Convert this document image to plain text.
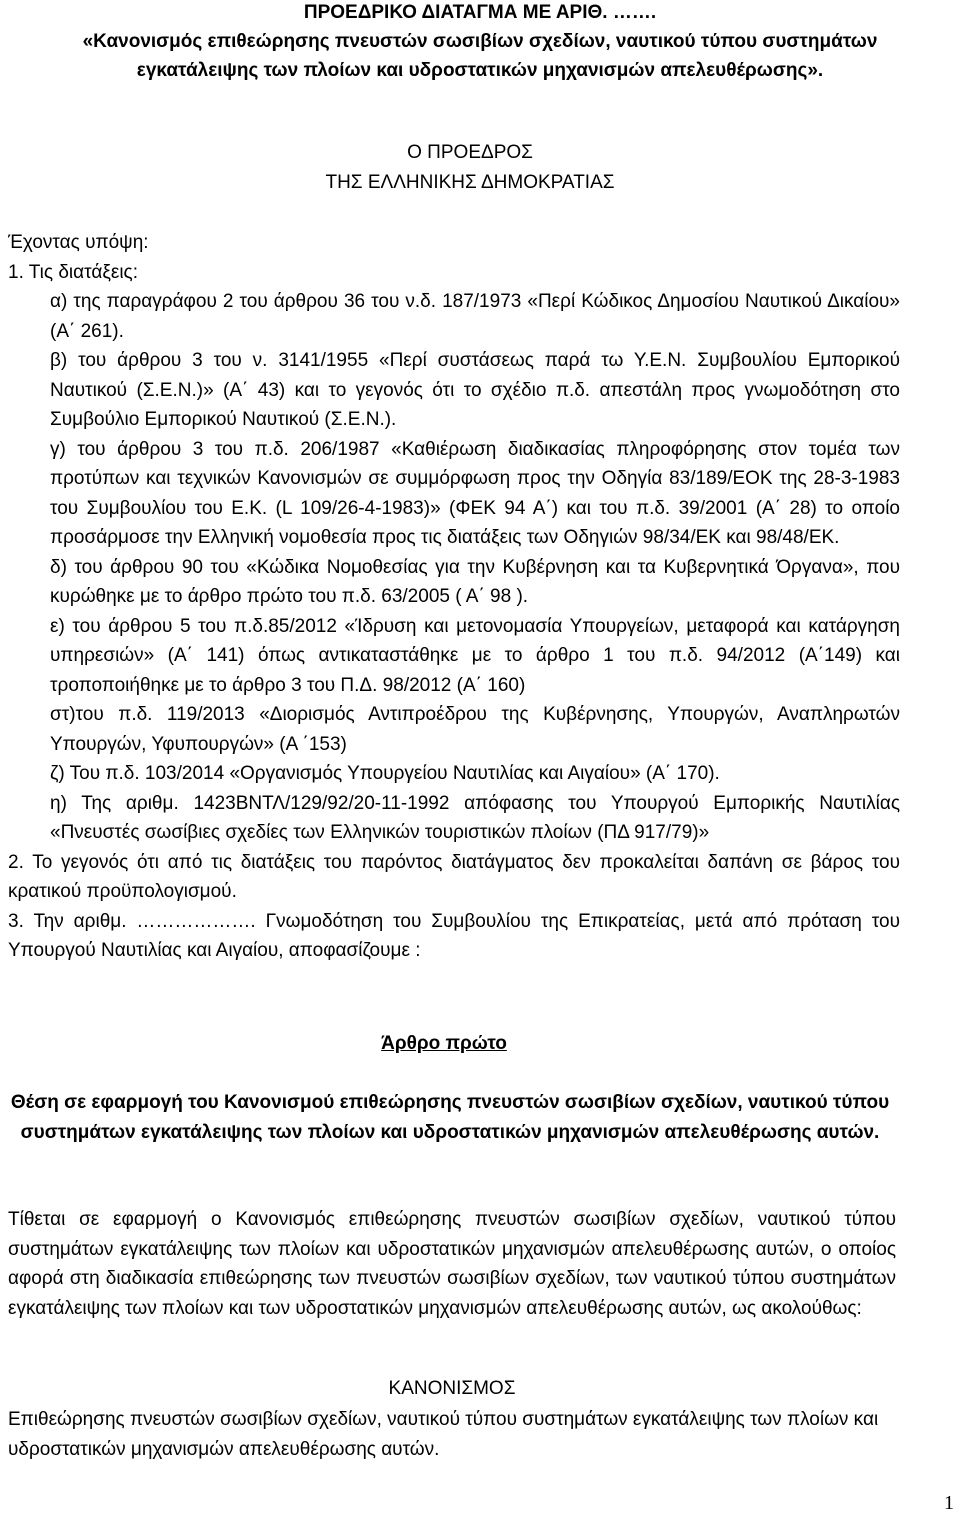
ΠΡΟΕΔΡΙΚΟ ΔΙΑΤΑΓΜΑ ΜΕ ΑΡΙΘ. …….

«Κανονισμός επιθεώρησης πνευστών σωσιβίων σχεδίων, ναυτικού τύπου συστημάτων

εγκατάλειψης των πλοίων και υδροστατικών μηχανισμών απελευθέρωσης».

Ο ΠΡΟΕΔΡΟΣ
ΤΗΣ ΕΛΛΗΝΙΚΗΣ ΔΗΜΟΚΡΑΤΙΑΣ

Έχοντας υπόψη:

1. Τις διατάξεις:

α) της παραγράφου 2 του άρθρου 36 του ν.δ. 187/1973 «Περί Κώδικος Δημοσίου Ναυτικού Δικαίου» (Α΄ 261).

β) του άρθρου 3 του ν. 3141/1955 «Περί συστάσεως παρά τω Υ.Ε.Ν. Συμβουλίου Εμπορικού Ναυτικού (Σ.Ε.Ν.)» (Α΄ 43) και το γεγονός ότι το σχέδιο π.δ. απεστάλη προς γνωμοδότηση στο Συμβούλιο Εμπορικού Ναυτικού (Σ.Ε.Ν.).

γ) του άρθρου 3 του π.δ. 206/1987 «Καθιέρωση διαδικασίας πληροφόρησης στον τομέα των προτύπων και τεχνικών Κανονισμών σε συμμόρφωση προς την Οδηγία 83/189/ΕΟΚ της 28-3-1983 του Συμβουλίου του Ε.Κ. (L 109/26-4-1983)» (ΦΕΚ 94 Α΄) και του π.δ. 39/2001 (Α΄ 28) το οποίο προσάρμοσε την Ελληνική νομοθεσία προς τις διατάξεις των Οδηγιών 98/34/ΕΚ και 98/48/ΕΚ.

δ) του άρθρου 90 του «Κώδικα Νομοθεσίας για την Κυβέρνηση και τα Κυβερνητικά Όργανα», που κυρώθηκε με το άρθρο πρώτο του π.δ. 63/2005 ( Α΄ 98 ).

ε) του άρθρου 5 του π.δ.85/2012 «Ίδρυση και μετονομασία Υπουργείων, μεταφορά και κατάργηση υπηρεσιών» (Α΄ 141) όπως αντικαταστάθηκε με το άρθρο 1 του π.δ. 94/2012 (Α΄149) και τροποποιήθηκε με το άρθρο 3 του Π.Δ. 98/2012 (Α΄ 160)

στ)του π.δ. 119/2013 «Διορισμός Αντιπροέδρου της Κυβέρνησης, Υπουργών, Αναπληρωτών Υπουργών, Υφυπουργών» (Α ΄153)

ζ) Του π.δ. 103/2014 «Οργανισμός Υπουργείου Ναυτιλίας και Αιγαίου» (Α΄ 170).

η) Της αριθμ. 1423ΒΝΤΛ/129/92/20-11-1992 απόφασης του Υπουργού Εμπορικής Ναυτιλίας «Πνευστές σωσίβιες σχεδίες των Ελληνικών τουριστικών πλοίων (ΠΔ 917/79)»

2. Το γεγονός ότι από τις διατάξεις του παρόντος διατάγματος δεν προκαλείται δαπάνη σε βάρος του κρατικού προϋπολογισμού.

3. Την αριθμ. ………………. Γνωμοδότηση του Συμβουλίου της Επικρατείας, μετά από πρόταση του Υπουργού Ναυτιλίας και Αιγαίου, αποφασίζουμε :

Άρθρο πρώτο
Θέση σε εφαρμογή του Κανονισμού επιθεώρησης πνευστών σωσιβίων σχεδίων, ναυτικού τύπου συστημάτων εγκατάλειψης των πλοίων και υδροστατικών μηχανισμών απελευθέρωσης αυτών.

Τίθεται σε εφαρμογή ο Κανονισμός επιθεώρησης πνευστών σωσιβίων σχεδίων, ναυτικού τύπου συστημάτων εγκατάλειψης των πλοίων και υδροστατικών μηχανισμών απελευθέρωσης αυτών, ο οποίος αφορά στη διαδικασία επιθεώρησης των πνευστών σωσιβίων σχεδίων, των ναυτικού τύπου συστημάτων εγκατάλειψης των πλοίων και των υδροστατικών μηχανισμών απελευθέρωσης αυτών, ως ακολούθως:

ΚΑΝΟΝΙΣΜΟΣ

Επιθεώρησης πνευστών σωσιβίων σχεδίων, ναυτικού τύπου συστημάτων εγκατάλειψης των πλοίων και υδροστατικών μηχανισμών απελευθέρωσης αυτών.

1
